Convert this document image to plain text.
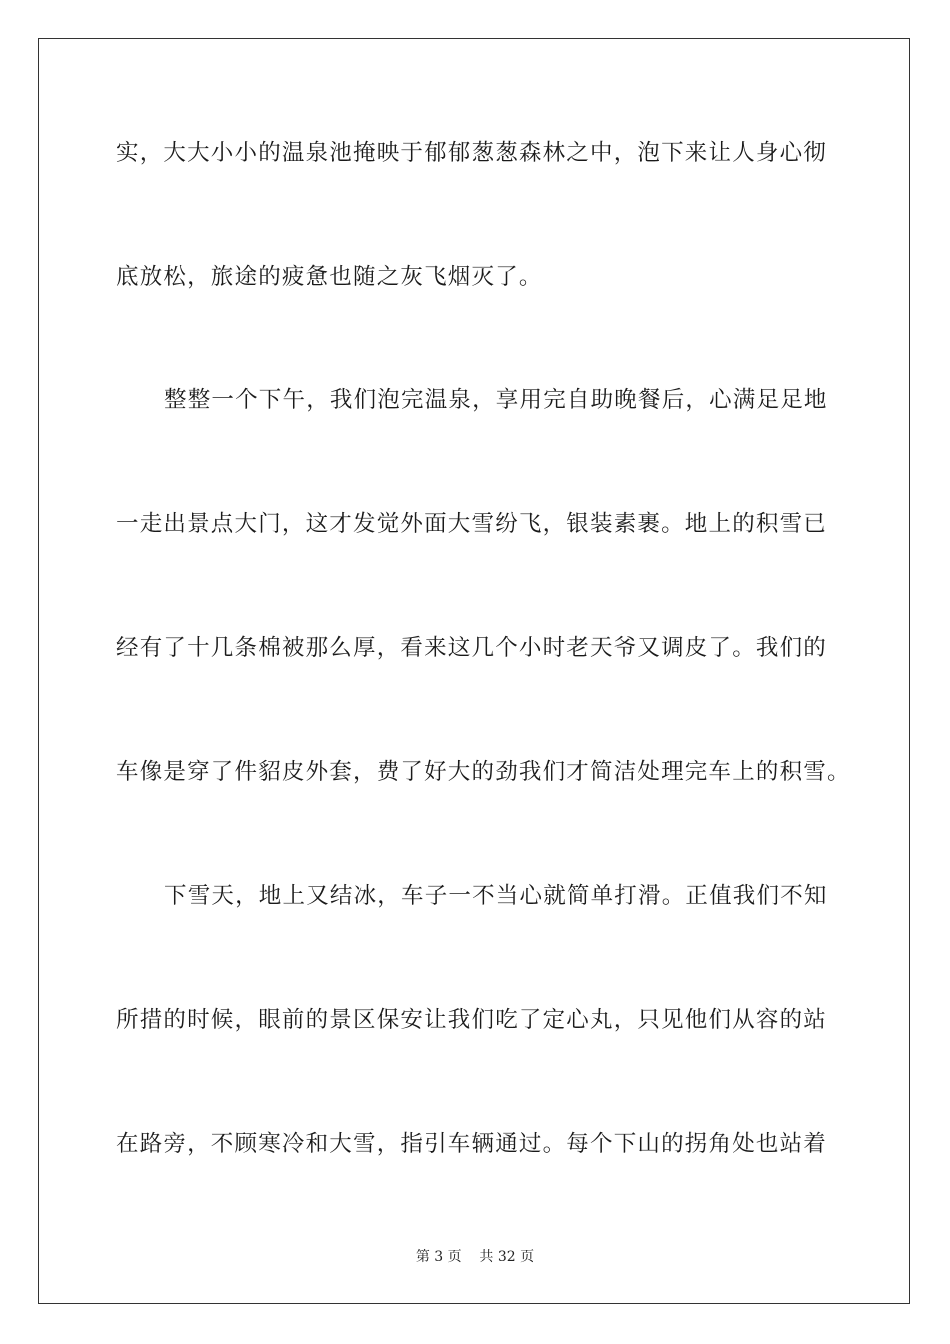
实，大大小小的温泉池掩映于郁郁葱葱森林之中，泡下来让人身心彻

底放松，旅途的疲惫也随之灰飞烟灭了。

整整一个下午，我们泡完温泉，享用完自助晚餐后，心满足足地

一走出景点大门，这才发觉外面大雪纷飞，银装素裹。地上的积雪已

经有了十几条棉被那么厚，看来这几个小时老天爷又调皮了。我们的

车像是穿了件貂皮外套，费了好大的劲我们才简洁处理完车上的积雪。

下雪天，地上又结冰，车子一不当心就简单打滑。正值我们不知

所措的时候，眼前的景区保安让我们吃了定心丸，只见他们从容的站

在路旁，不顾寒冷和大雪，指引车辆通过。每个下山的拐角处也站着

第 3 页    共 32 页
